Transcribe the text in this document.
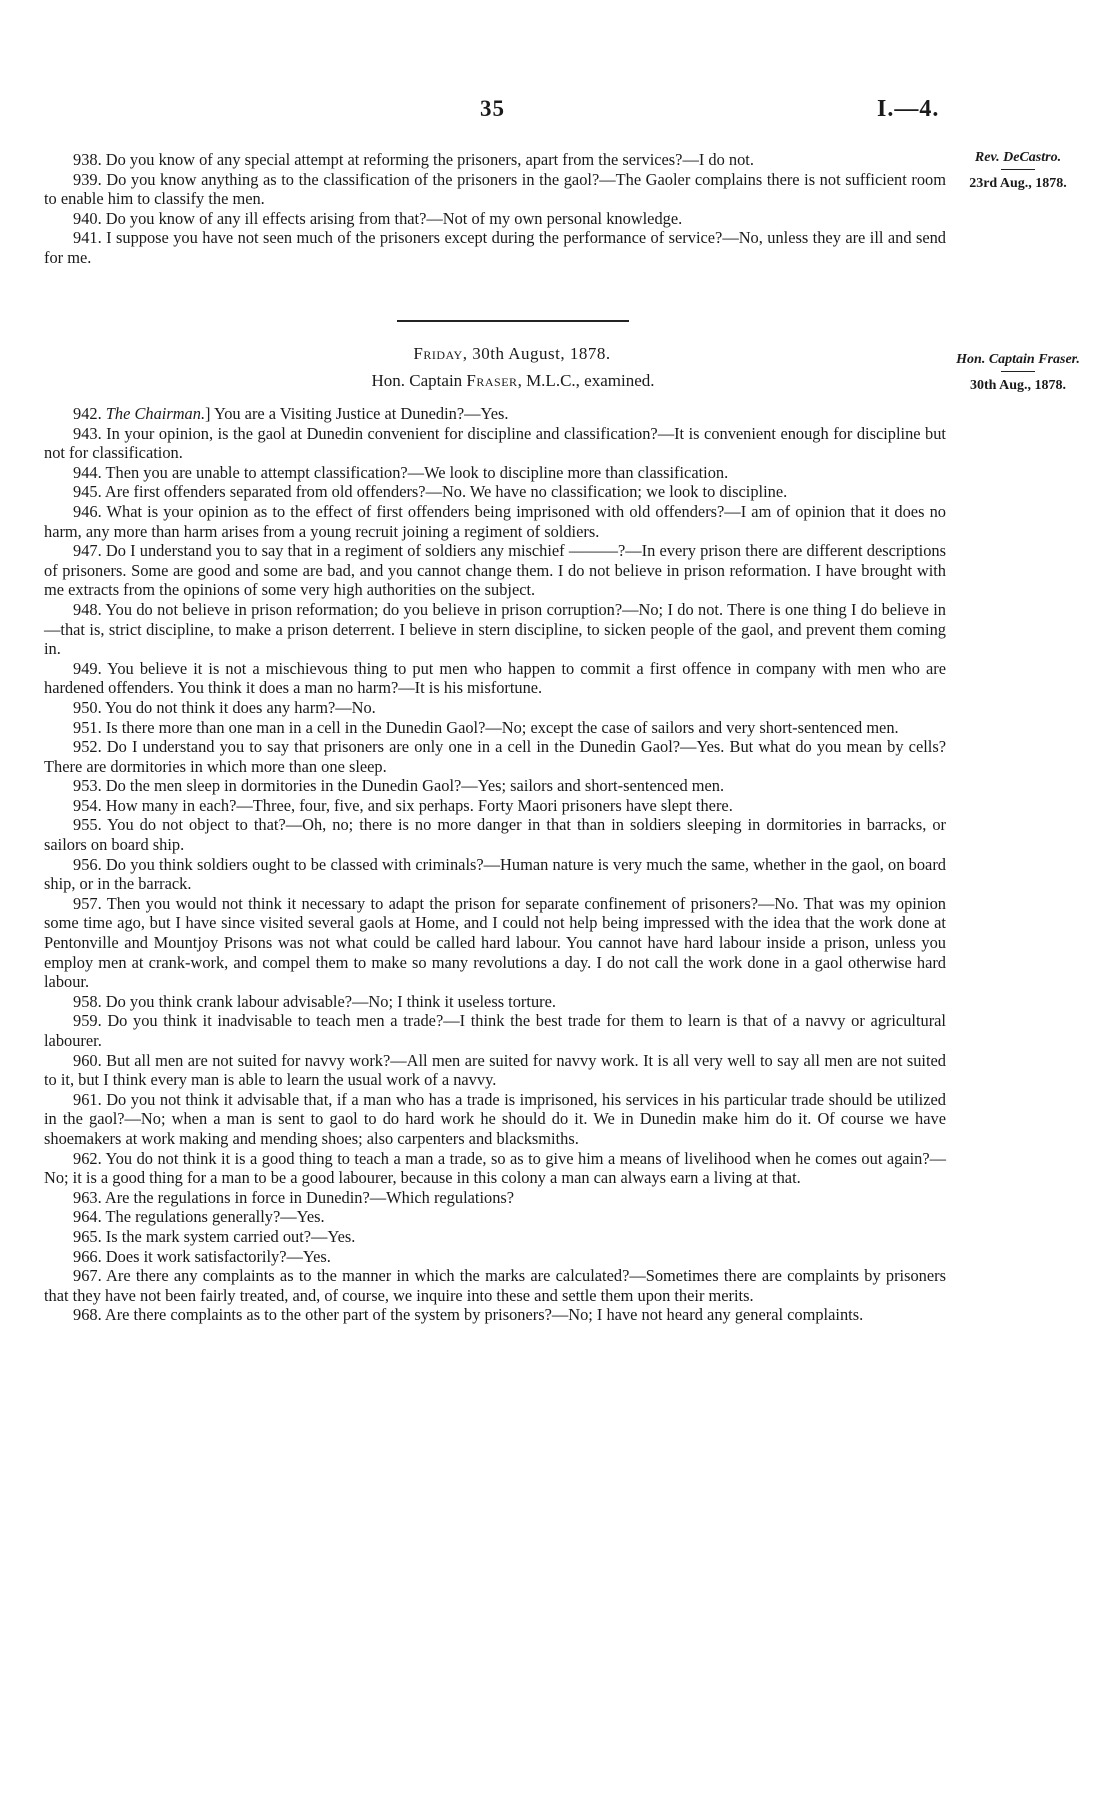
35	I.—4.
Rev. DeCastro.
23rd Aug., 1878.

938. Do you know of any special attempt at reforming the prisoners, apart from the services?—I do not.

939. Do you know anything as to the classification of the prisoners in the gaol?—The Gaoler complains there is not sufficient room to enable him to classify the men.

940. Do you know of any ill effects arising from that?—Not of my own personal knowledge.

941. I suppose you have not seen much of the prisoners except during the performance of service?—No, unless they are ill and send for me.

Friday, 30th August, 1878.
Hon. Captain Fraser, M.L.C., examined.
Hon. Captain Fraser.
30th Aug., 1878.

942. The Chairman.] You are a Visiting Justice at Dunedin?—Yes.

943. In your opinion, is the gaol at Dunedin convenient for discipline and classification?—It is convenient enough for discipline but not for classification.

944. Then you are unable to attempt classification?—We look to discipline more than classification.

945. Are first offenders separated from old offenders?—No. We have no classification; we look to discipline.

946. What is your opinion as to the effect of first offenders being imprisoned with old offenders?—I am of opinion that it does no harm, any more than harm arises from a young recruit joining a regiment of soldiers.

947. Do I understand you to say that in a regiment of soldiers any mischief ———?—In every prison there are different descriptions of prisoners. Some are good and some are bad, and you cannot change them. I do not believe in prison reformation. I have brought with me extracts from the opinions of some very high authorities on the subject.

948. You do not believe in prison reformation; do you believe in prison corruption?—No; I do not. There is one thing I do believe in—that is, strict discipline, to make a prison deterrent. I believe in stern discipline, to sicken people of the gaol, and prevent them coming in.

949. You believe it is not a mischievous thing to put men who happen to commit a first offence in company with men who are hardened offenders. You think it does a man no harm?—It is his misfortune.

950. You do not think it does any harm?—No.

951. Is there more than one man in a cell in the Dunedin Gaol?—No; except the case of sailors and very short-sentenced men.

952. Do I understand you to say that prisoners are only one in a cell in the Dunedin Gaol?—Yes. But what do you mean by cells? There are dormitories in which more than one sleep.

953. Do the men sleep in dormitories in the Dunedin Gaol?—Yes; sailors and short-sentenced men.

954. How many in each?—Three, four, five, and six perhaps. Forty Maori prisoners have slept there.

955. You do not object to that?—Oh, no; there is no more danger in that than in soldiers sleeping in dormitories in barracks, or sailors on board ship.

956. Do you think soldiers ought to be classed with criminals?—Human nature is very much the same, whether in the gaol, on board ship, or in the barrack.

957. Then you would not think it necessary to adapt the prison for separate confinement of prisoners?—No. That was my opinion some time ago, but I have since visited several gaols at Home, and I could not help being impressed with the idea that the work done at Pentonville and Mountjoy Prisons was not what could be called hard labour. You cannot have hard labour inside a prison, unless you employ men at crank-work, and compel them to make so many revolutions a day. I do not call the work done in a gaol otherwise hard labour.

958. Do you think crank labour advisable?—No; I think it useless torture.

959. Do you think it inadvisable to teach men a trade?—I think the best trade for them to learn is that of a navvy or agricultural labourer.

960. But all men are not suited for navvy work?—All men are suited for navvy work. It is all very well to say all men are not suited to it, but I think every man is able to learn the usual work of a navvy.

961. Do you not think it advisable that, if a man who has a trade is imprisoned, his services in his particular trade should be utilized in the gaol?—No; when a man is sent to gaol to do hard work he should do it. We in Dunedin make him do it. Of course we have shoemakers at work making and mending shoes; also carpenters and blacksmiths.

962. You do not think it is a good thing to teach a man a trade, so as to give him a means of livelihood when he comes out again?—No; it is a good thing for a man to be a good labourer, because in this colony a man can always earn a living at that.

963. Are the regulations in force in Dunedin?—Which regulations?

964. The regulations generally?—Yes.

965. Is the mark system carried out?—Yes.

966. Does it work satisfactorily?—Yes.

967. Are there any complaints as to the manner in which the marks are calculated?—Sometimes there are complaints by prisoners that they have not been fairly treated, and, of course, we inquire into these and settle them upon their merits.

968. Are there complaints as to the other part of the system by prisoners?—No; I have not heard any general complaints.
